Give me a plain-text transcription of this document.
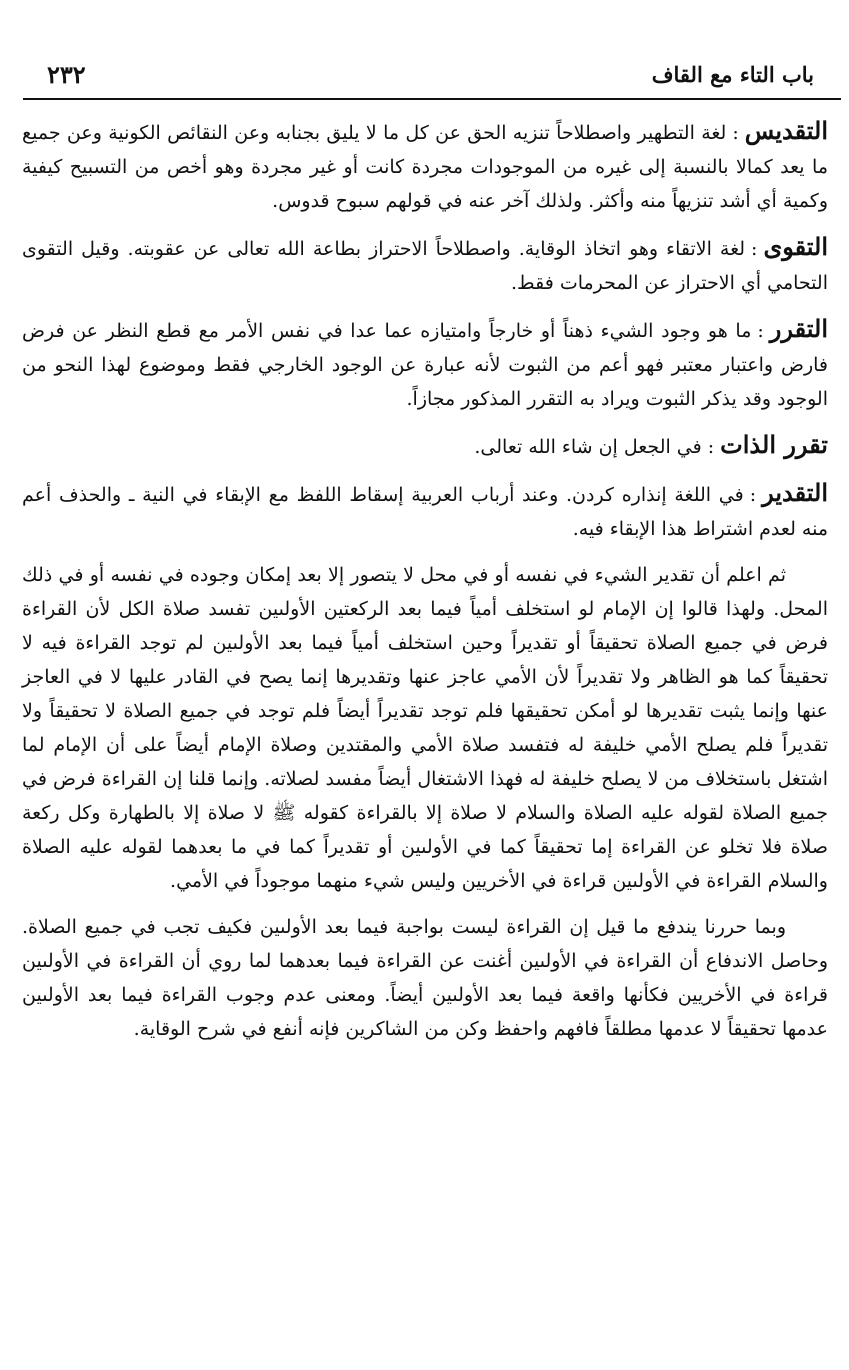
٢٣٢	باب التاء مع القاف

التقديس:لغة التطهير واصطلاحاً تنزيه الحق عن كل ما لا يليق بجنابه وعن النقائص الكونية وعن جميع ما يعد كمالا بالنسبة إلى غيره من الموجودات مجردة كانت أو غير مجردة وهو أخص من التسبيح كيفية وكمية أي أشد تنزيهاً منه وأكثر. ولذلك آخر عنه في قولهم سبوح قدوس.

التقوى:لغة الاتقاء وهو اتخاذ الوقاية. واصطلاحاً الاحتراز بطاعة الله تعالى عن عقوبته. وقيل التقوى التحامي أي الاحتراز عن المحرمات فقط.

التقرر:ما هو وجود الشيء ذهناً أو خارجاً وامتيازه عما عدا في نفس الأمر مع قطع النظر عن فرض فارض واعتبار معتبر فهو أعم من الثبوت لأنه عبارة عن الوجود الخارجي فقط وموضوع لهذا النحو من الوجود وقد يذكر الثبوت ويراد به التقرر المذكور مجازاً.

تقرر الذات:في الجعل إن شاء الله تعالى.

التقدير:في اللغة إنذاره كردن. وعند أرباب العربية إسقاط اللفظ مع الإبقاء في النية ـ والحذف أعم منه لعدم اشتراط هذا الإبقاء فيه.

ثم اعلم أن تقدير الشيء في نفسه أو في محل لا يتصور إلا بعد إمكان وجوده في نفسه أو في ذلك المحل. ولهذا قالوا إن الإمام لو استخلف أمياً فيما بعد الركعتين الأولىين تفسد صلاة الكل لأن القراءة فرض في جميع الصلاة تحقيقاً أو تقديراً وحين استخلف أمياً فيما بعد الأولىين لم توجد القراءة فيه لا تحقيقاً كما هو الظاهر ولا تقديراً لأن الأمي عاجز عنها وتقديرها إنما يصح في القادر عليها لا في العاجز عنها وإنما يثبت تقديرها لو أمكن تحقيقها فلم توجد تقديراً أيضاً فلم توجد في جميع الصلاة لا تحقيقاً ولا تقديراً فلم يصلح الأمي خليفة له فتفسد صلاة الأمي والمقتدين وصلاة الإمام أيضاً على أن الإمام لما اشتغل باستخلاف من لا يصلح خليفة له فهذا الاشتغال أيضاً مفسد لصلاته. وإنما قلنا إن القراءة فرض في جميع الصلاة لقوله عليه الصلاة والسلام لا صلاة إلا بالقراءة كقوله ﷺ لا صلاة إلا بالطهارة وكل ركعة صلاة فلا تخلو عن القراءة إما تحقيقاً كما في الأولىين أو تقديراً كما في ما بعدهما لقوله عليه الصلاة والسلام القراءة في الأولىين قراءة في الأخريين وليس شيء منهما موجوداً في الأمي.

وبما حررنا يندفع ما قيل إن القراءة ليست بواجبة فيما بعد الأولىين فكيف تجب في جميع الصلاة. وحاصل الاندفاع أن القراءة في الأولىين أغنت عن القراءة فيما بعدهما لما روي أن القراءة في الأولىين قراءة في الأخريين فكأنها واقعة فيما بعد الأولىين أيضاً. ومعنى عدم وجوب القراءة فيما بعد الأولىين عدمها تحقيقاً لا عدمها مطلقاً فافهم واحفظ وكن من الشاكرين فإنه أنفع في شرح الوقاية.
